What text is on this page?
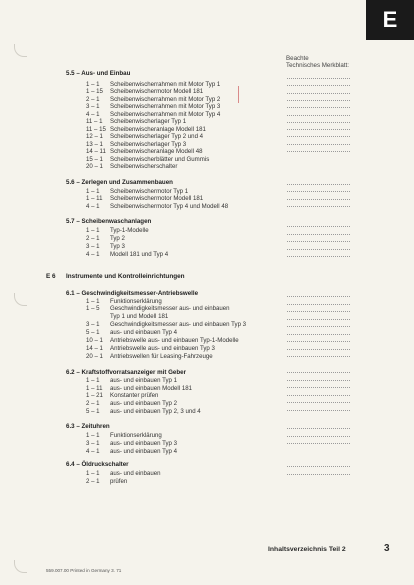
E
Beachte
Technisches Merkblatt:
5.5 – Aus- und Einbau
1 – 1 Scheibenwischerrahmen mit Motor Typ 1
1 – 15 Scheibenwischermotor Modell 181
2 – 1 Scheibenwischerrahmen mit Motor Typ 2
3 – 1 Scheibenwischerrahmen mit Motor Typ 3
4 – 1 Scheibenwischerrahmen mit Motor Typ 4
11 – 1 Scheibenwischerlager Typ 1
11 – 15 Scheibenwischeranlage Modell 181
12 – 1 Scheibenwischerlager Typ 2 und 4
13 – 1 Scheibenwischerlager Typ 3
14 – 11 Scheibenwischeranlage Modell 48
15 – 1 Scheibenwischerblätter und Gummis
20 – 1 Scheibenwischerschalter
5.6 – Zerlegen und Zusammenbauen
1 – 1 Scheibenwischermotor Typ 1
1 – 11 Scheibenwischermotor Modell 181
4 – 1 Scheibenwischermotor Typ 4 und Modell 48
5.7 – Scheibenwaschanlagen
1 – 1 Typ-1-Modelle
2 – 1 Typ 2
3 – 1 Typ 3
4 – 1 Modell 181 und Typ 4
E 6 Instrumente und Kontrolleinrichtungen
6.1 – Geschwindigkeitsmesser-Antriebswelle
1 – 1 Funktionserklärung
1 – 5 Geschwindigkeitsmesser aus- und einbauen
Typ 1 und Modell 181
3 – 1 Geschwindigkeitsmesser aus- und einbauen Typ 3
5 – 1 aus- und einbauen Typ 4
10 – 1 Antriebswelle aus- und einbauen Typ-1-Modelle
14 – 1 Antriebswelle aus- und einbauen Typ 3
20 – 1 Antriebswellen für Leasing-Fahrzeuge
6.2 – Kraftstoffvorratsanzeiger mit Geber
1 – 1 aus- und einbauen Typ 1
1 – 11 aus- und einbauen Modell 181
1 – 21 Konstanter prüfen
2 – 1 aus- und einbauen Typ 2
5 – 1 aus- und einbauen Typ 2, 3 und 4
6.3 – Zeituhren
1 – 1 Funktionserklärung
3 – 1 aus- und einbauen Typ 3
4 – 1 aus- und einbauen Typ 4
6.4 – Öldruckschalter
1 – 1 aus- und einbauen
2 – 1 prüfen
Inhaltsverzeichnis Teil 2	3
559.007.00 Printed in Germany 3. 71
